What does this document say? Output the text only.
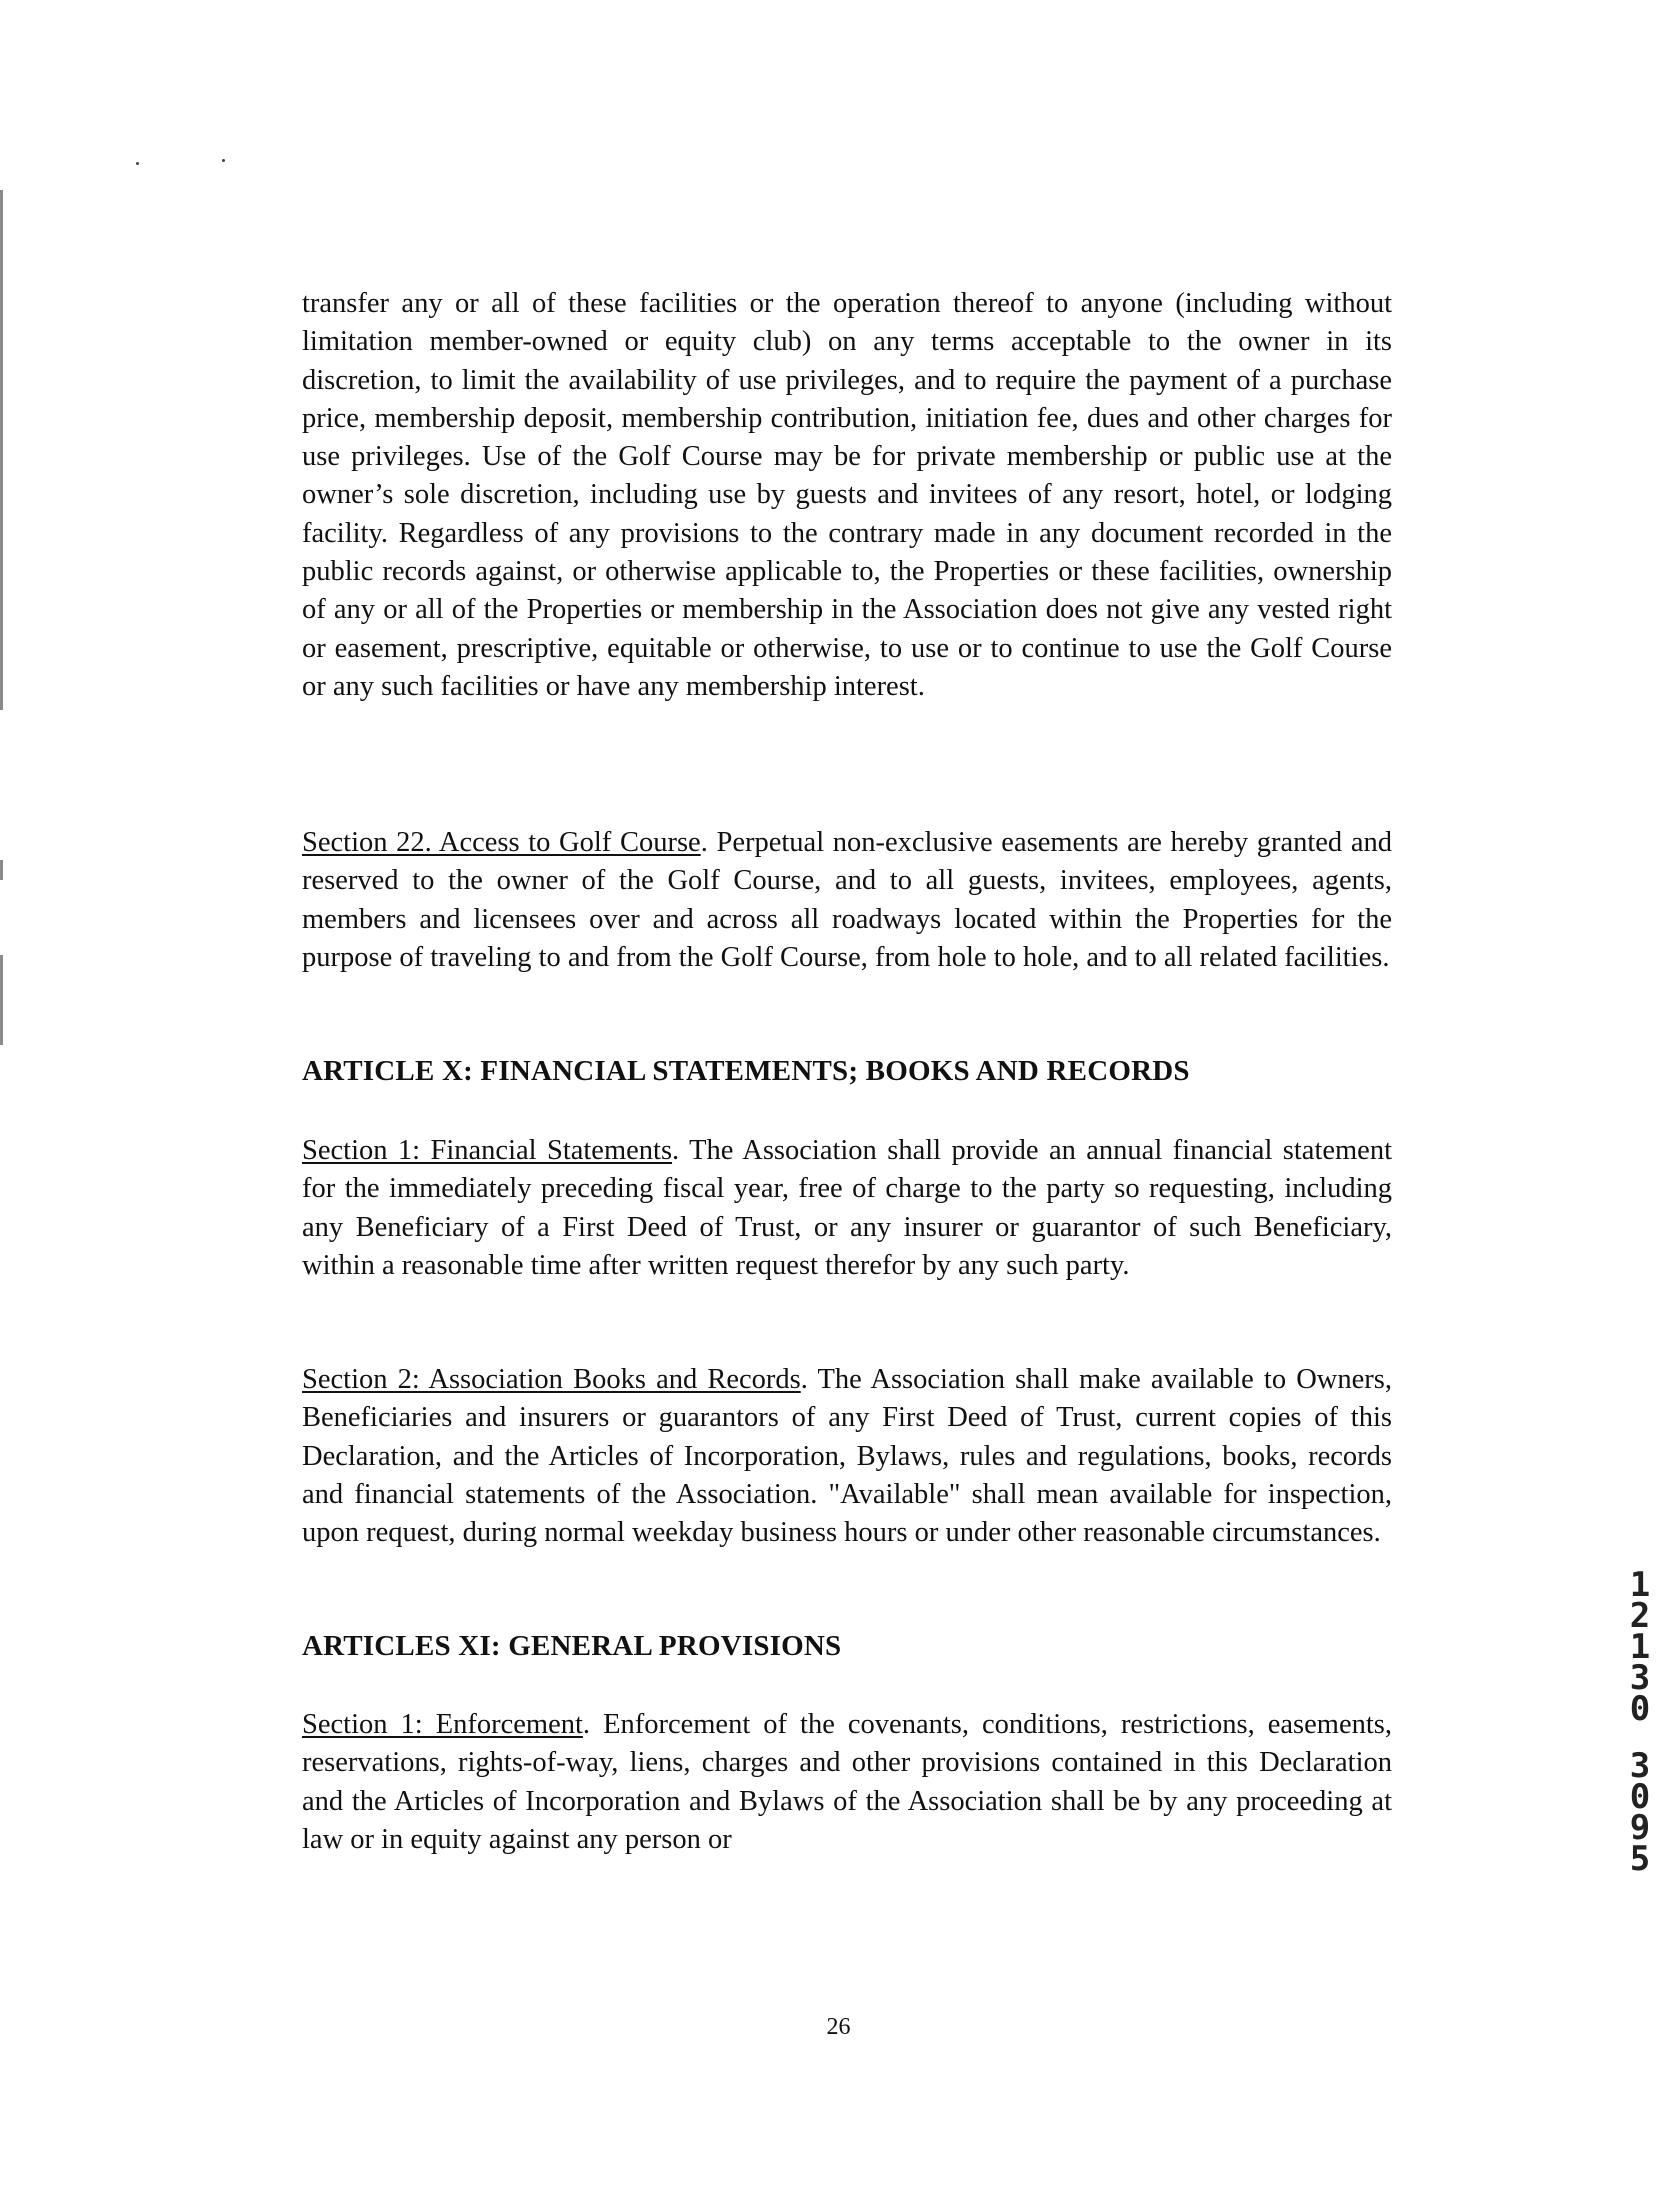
transfer any or all of these facilities or the operation thereof to anyone (including without limitation member-owned or equity club) on any terms acceptable to the owner in its discretion, to limit the availability of use privileges, and to require the payment of a purchase price, membership deposit, membership contribution, initiation fee, dues and other charges for use privileges. Use of the Golf Course may be for private membership or public use at the owner’s sole discretion, including use by guests and invitees of any resort, hotel, or lodging facility. Regardless of any provisions to the contrary made in any document recorded in the public records against, or otherwise applicable to, the Properties or these facilities, ownership of any or all of the Properties or membership in the Association does not give any vested right or easement, prescriptive, equitable or otherwise, to use or to continue to use the Golf Course or any such facilities or have any membership interest.

Section 22. Access to Golf Course. Perpetual non-exclusive easements are hereby granted and reserved to the owner of the Golf Course, and to all guests, invitees, employees, agents, members and licensees over and across all roadways located within the Properties for the purpose of traveling to and from the Golf Course, from hole to hole, and to all related facilities.

ARTICLE X: FINANCIAL STATEMENTS; BOOKS AND RECORDS

Section 1: Financial Statements. The Association shall provide an annual financial statement for the immediately preceding fiscal year, free of charge to the party so requesting, including any Beneficiary of a First Deed of Trust, or any insurer or guarantor of such Beneficiary, within a reasonable time after written request therefor by any such party.

Section 2: Association Books and Records. The Association shall make available to Owners, Beneficiaries and insurers or guarantors of any First Deed of Trust, current copies of this Declaration, and the Articles of Incorporation, Bylaws, rules and regulations, books, records and financial statements of the Association. "Available" shall mean available for inspection, upon request, during normal weekday business hours or under other reasonable circumstances.

ARTICLES XI: GENERAL PROVISIONS

Section 1: Enforcement. Enforcement of the covenants, conditions, restrictions, easements, reservations, rights-of-way, liens, charges and other provisions contained in this Declaration and the Articles of Incorporation and Bylaws of the Association shall be by any proceeding at law or in equity against any person or

1
2
1
3
0
3
0
9
5
26
